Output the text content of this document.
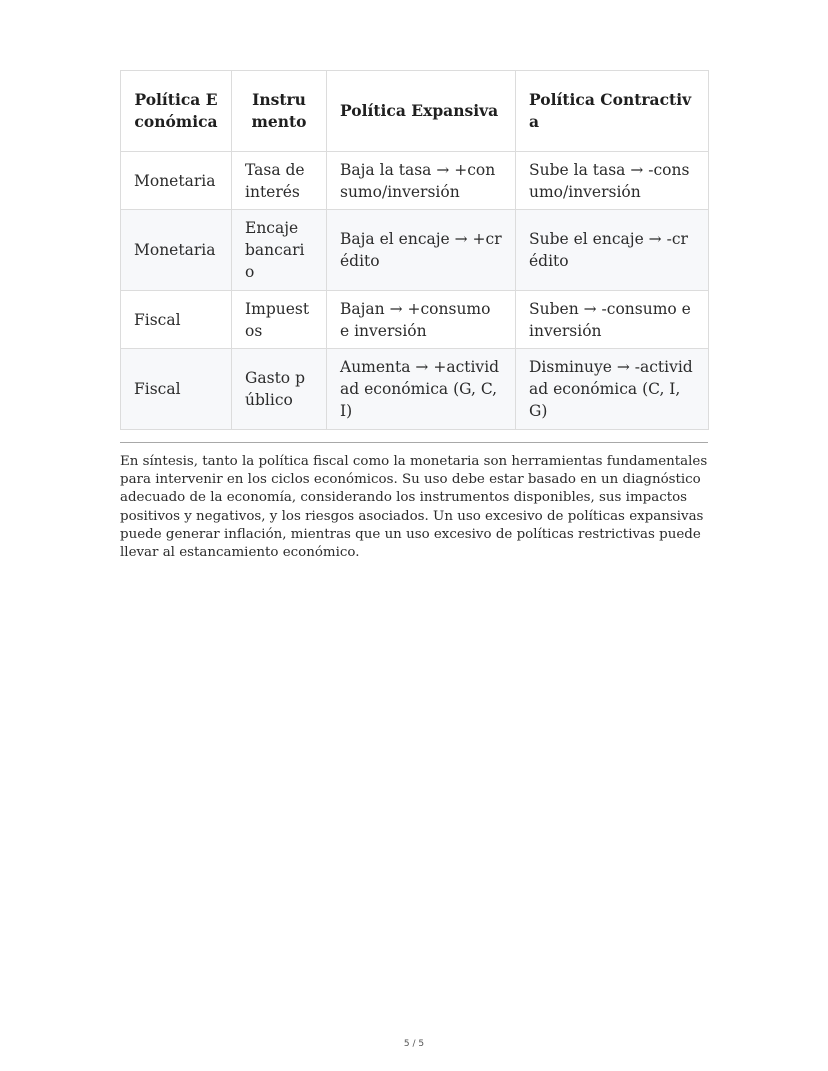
Política Económica	Instrumento	Política Expansiva	Política Contractiva
Monetaria	Tasa de interés	Baja la tasa → +consumo/inversión	Sube la tasa → -consumo/inversión
Monetaria	Encaje bancario	Baja el encaje → +crédito	Sube el encaje → -crédito
Fiscal	Impuestos	Bajan → +consumo e inversión	Suben → -consumo e inversión
Fiscal	Gasto público	Aumenta → +actividad económica (G, C, I)	Disminuye → -actividad económica (C, I, G)

En síntesis, tanto la política fiscal como la monetaria son herramientas fundamentales para intervenir en los ciclos económicos. Su uso debe estar basado en un diagnóstico adecuado de la economía, considerando los instrumentos disponibles, sus impactos positivos y negativos, y los riesgos asociados. Un uso excesivo de políticas expansivas puede generar inflación, mientras que un uso excesivo de políticas restrictivas puede llevar al estancamiento económico.

5 / 5
